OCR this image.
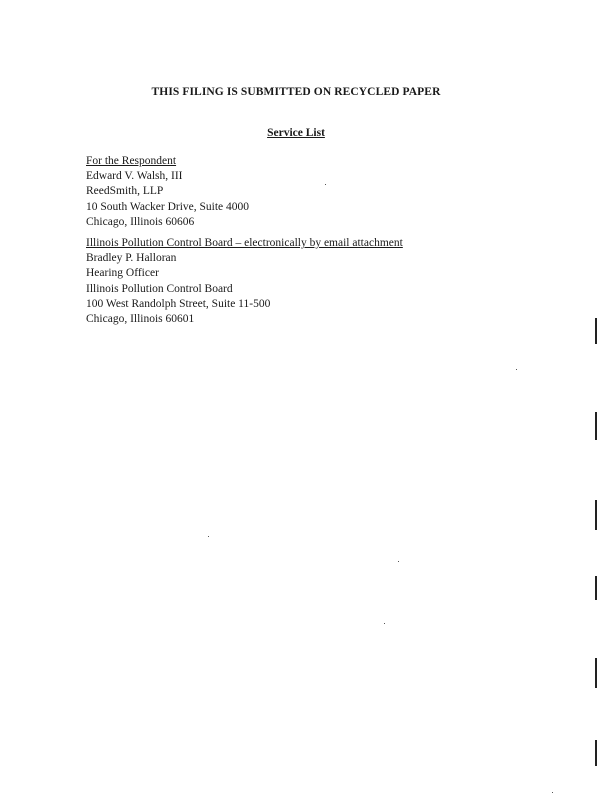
THIS FILING IS SUBMITTED ON RECYCLED PAPER
Service List
For the Respondent
Edward V. Walsh, III
ReedSmith, LLP
10 South Wacker Drive, Suite 4000
Chicago, Illinois 60606
Illinois Pollution Control Board – electronically by email attachment
Bradley P. Halloran
Hearing Officer
Illinois Pollution Control Board
100 West Randolph Street, Suite 11-500
Chicago, Illinois 60601
